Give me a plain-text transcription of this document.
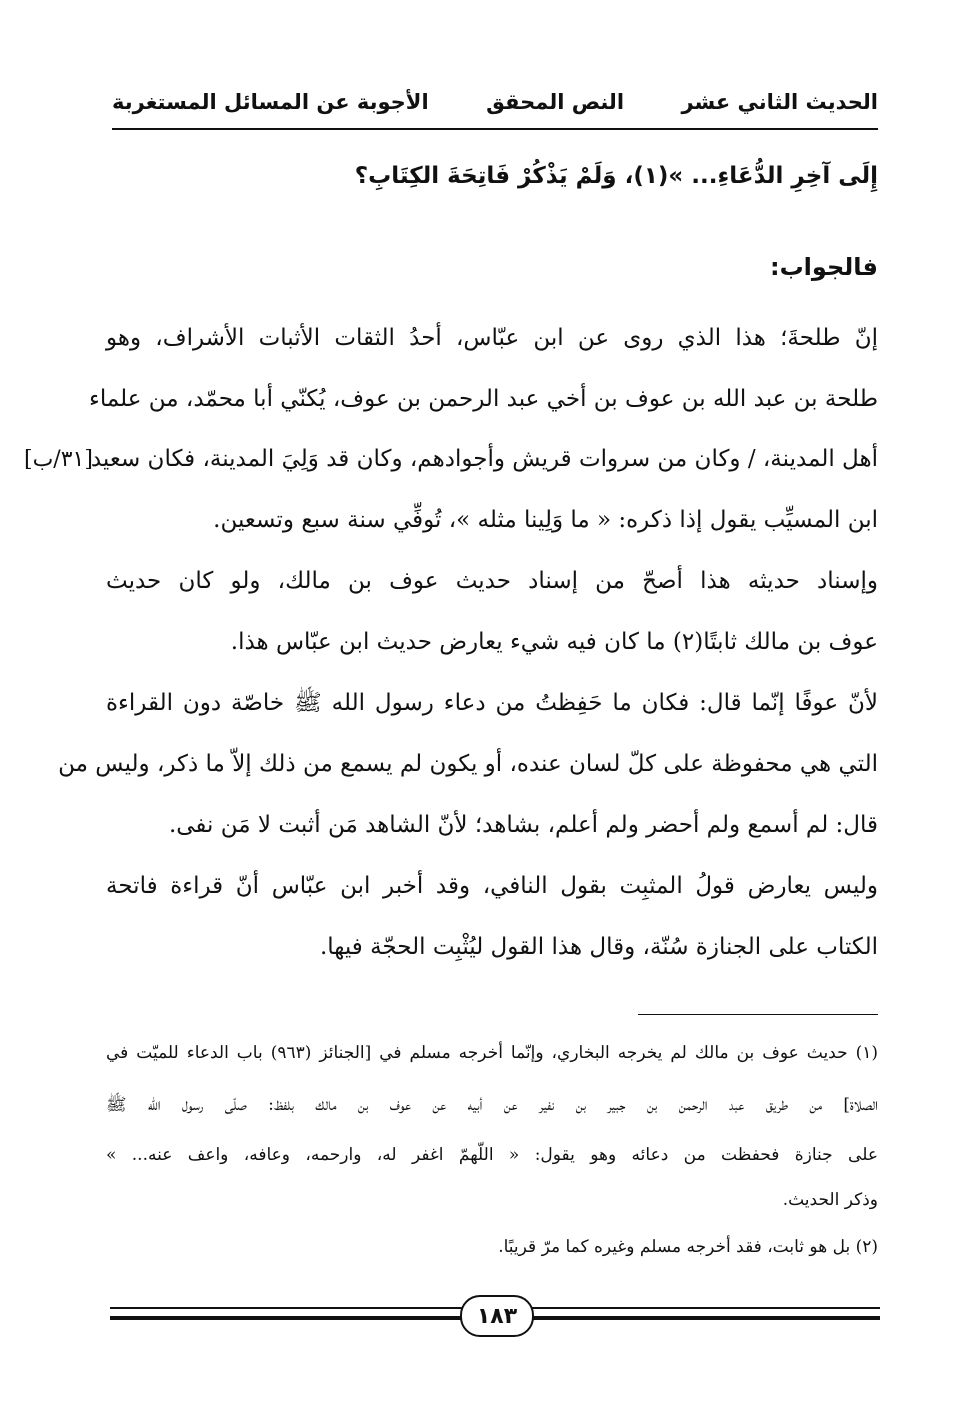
الحديث الثاني عشر
النص المحقق
الأجوبة عن المسائل المستغربة
إِلَى آخِرِ الدُّعَاءِ... »(١)، وَلَمْ يَذْكُرْ فَاتِحَةَ الكِتَابِ؟
فالجواب:
إنّ طلحةَ؛ هذا الذي روى عن ابن عبّاس، أحدُ الثقات الأثبات الأشراف، وهو
طلحة بن عبد الله بن عوف بن أخي عبد الرحمن بن عوف، يُكنّي أبا محمّد، من علماء
أهل المدينة، / وكان من سروات قريش وأجوادهم، وكان قد وَلِيَ المدينة، فكان سعيد
ابن المسيِّب يقول إذا ذكره: « ما وَلِينا مثله »، تُوفِّي سنة سبع وتسعين.
وإسناد حديثه هذا أصحّ من إسناد حديث عوف بن مالك، ولو كان حديث
عوف بن مالك ثابتًا(٢) ما كان فيه شيء يعارض حديث ابن عبّاس هذا.
لأنّ عوفًا إنّما قال: فكان ما حَفِظتُ من دعاء رسول الله ﷺ خاصّة دون القراءة
التي هي محفوظة على كلّ لسان عنده، أو يكون لم يسمع من ذلك إلاّ ما ذكر، وليس من
قال: لم أسمع ولم أحضر ولم أعلم، بشاهد؛ لأنّ الشاهد مَن أثبت لا مَن نفى.
وليس يعارض قولُ المثبِت بقول النافي، وقد أخبر ابن عبّاس أنّ قراءة فاتحة
الكتاب على الجنازة سُنّة، وقال هذا القول ليُثْبِت الحجّة فيها.
[٣١/ب]
(١) حديث عوف بن مالك لم يخرجه البخاري، وإنّما أخرجه مسلم في [الجنائز (٩٦٣) باب الدعاء للميّت في
الصلاة] من طريق عبد الرحمن بن جبير بن نفير عن أبيه عن عوف بن مالك بلفظ: صلّى رسول الله ﷺ
على جنازة فحفظت من دعائه وهو يقول: « اللّهمّ اغفر له، وارحمه، وعافه، واعف عنه... »
وذكر الحديث.
(٢) بل هو ثابت، فقد أخرجه مسلم وغيره كما مرّ قريبًا.
١٨٣
